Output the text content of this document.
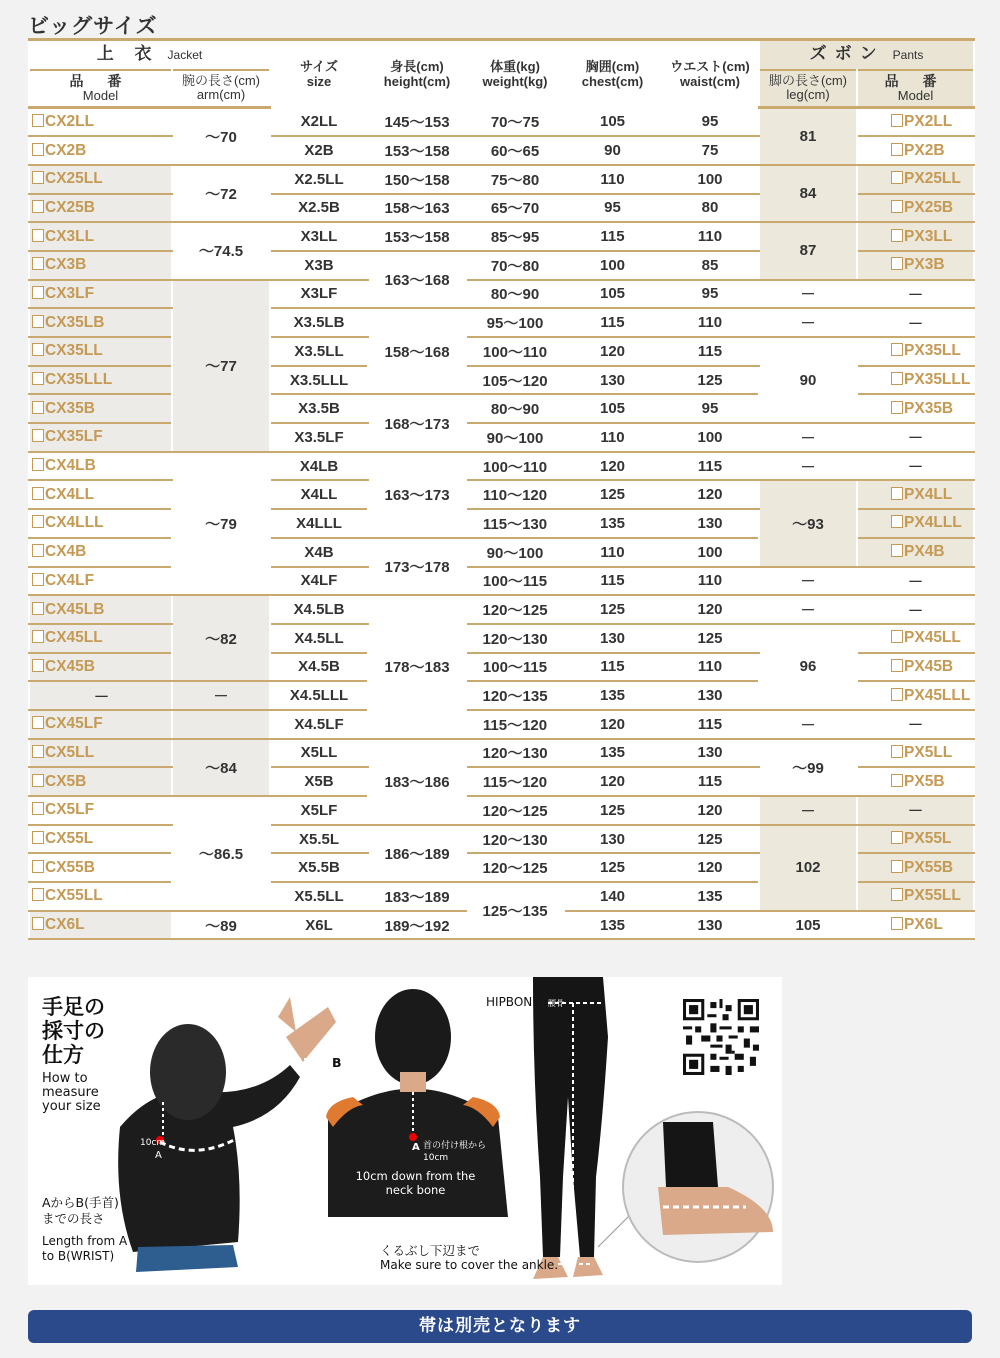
ビッグサイズ
上 衣 Jacket		サイズ
size	身長(cm)
height(cm)	体重(kg)
weight(kg)	胸囲(cm)
chest(cm)	ウエスト(cm)
waist(cm)	ズボン Pants	
品 番
Model	腕の長さ(cm)
arm(cm)						脚の長さ(cm)
leg(cm)	品 番
Model
CX2LL	～70	X2LL	145～153	70～75	105	95	81	PX2LL
CX2B		X2B	153～158	60～65	90	75		PX2B
CX25LL	～72	X2.5LL	150～158	75～80	110	100	84	PX25LL
CX25B		X2.5B	158～163	65～70	95	80		PX25B
CX3LL	～74.5	X3LL	153～158	85～95	115	110	87	PX3LL
CX3B		X3B	163～168	70～80	100	85		PX3B
CX3LF	～77	X3LF		80～90	105	95	－	－
CX35LB		X3.5LB	158～168	95～100	115	110	－	－
CX35LL		X3.5LL		100～110	120	115	90	PX35LL
CX35LLL		X3.5LLL		105～120	130	125		PX35LLL
CX35B		X3.5B	168～173	80～90	105	95		PX35B
CX35LF		X3.5LF		90～100	110	100	－	－
CX4LB	～79	X4LB	163～173	100～110	120	115	－	－
CX4LL		X4LL		110～120	125	120	～93	PX4LL
CX4LLL		X4LLL		115～130	135	130		PX4LLL
CX4B		X4B	173～178	90～100	110	100		PX4B
CX4LF		X4LF		100～115	115	110	－	－
CX45LB	～82	X4.5LB	178～183	120～125	125	120	－	－
CX45LL		X4.5LL		120～130	130	125	96	PX45LL
CX45B		X4.5B		100～115	115	110		PX45B
－	－	X4.5LLL		120～135	135	130		PX45LLL
CX45LF		X4.5LF		115～120	120	115	－	－
CX5LL	～84	X5LL	183～186	120～130	135	130	～99	PX5LL
CX5B		X5B		115～120	120	115		PX5B
CX5LF	～86.5	X5LF		120～125	125	120	－	－
CX55L		X5.5L	186～189	120～130	130	125	102	PX55L
CX55B		X5.5B		120～125	125	120		PX55B
CX55LL		X5.5LL	183～189	125～135	140	135		PX55LL
CX6L	～89	X6L	189～192		135	130	105	PX6L
手足の
採寸の
仕方
How to
measure
your size
B
10cm
A
AからB(手首)
までの長さ
Length from A
to B(WRIST)
A 首の付け根から
10cm
10cm down from the
neck bone
HIPBONE 腰骨
くるぶし下辺まで
Make sure to cover the ankle.
帯は別売となります
